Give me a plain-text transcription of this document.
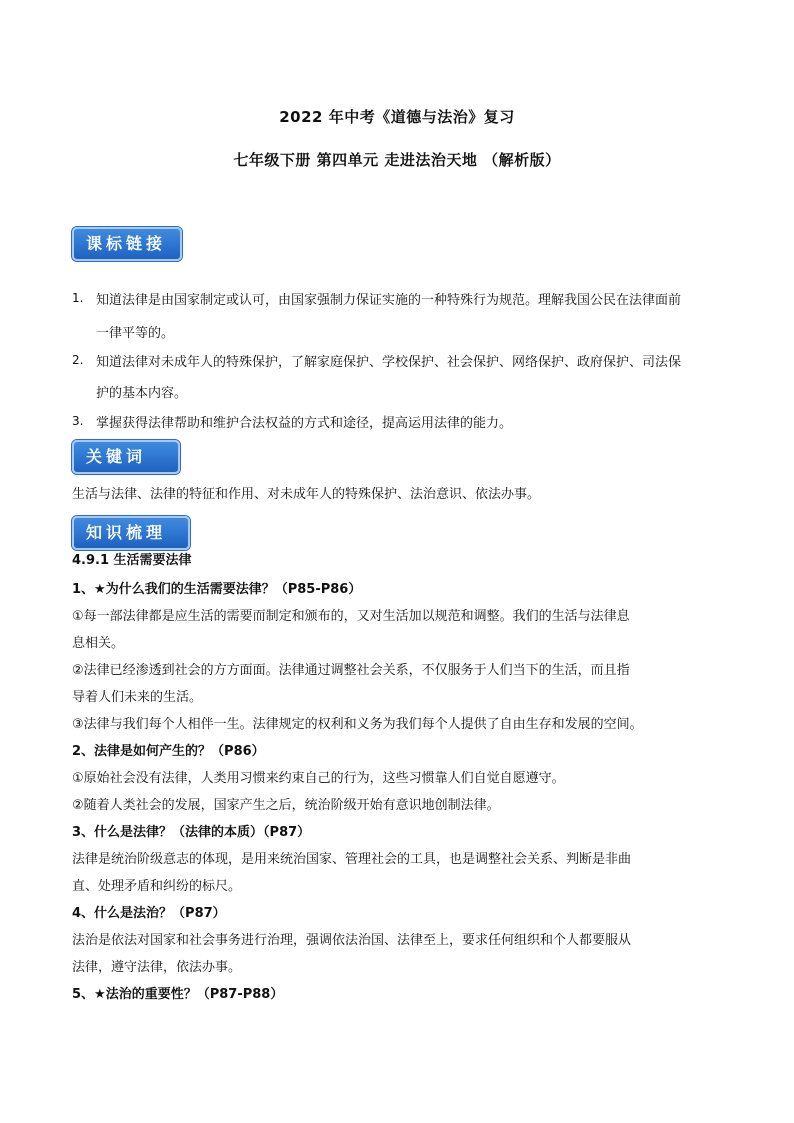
2022 年中考《道德与法治》复习
七年级下册 第四单元 走进法治天地 （解析版）
课标链接
1. 知道法律是由国家制定或认可，由国家强制力保证实施的一种特殊行为规范。理解我国公民在法律面前
一律平等的。
2. 知道法律对未成年人的特殊保护，了解家庭保护、学校保护、社会保护、网络保护、政府保护、司法保
护的基本内容。
3. 掌握获得法律帮助和维护合法权益的方式和途径，提高运用法律的能力。
关键词
生活与法律、法律的特征和作用、对未成年人的特殊保护、法治意识、依法办事。
知识梳理
4.9.1 生活需要法律
1、★为什么我们的生活需要法律？（P85-P86）
①每一部法律都是应生活的需要而制定和颁布的，又对生活加以规范和调整。我们的生活与法律息
息相关。
②法律已经渗透到社会的方方面面。法律通过调整社会关系，不仅服务于人们当下的生活，而且指
导着人们未来的生活。
③法律与我们每个人相伴一生。法律规定的权利和义务为我们每个人提供了自由生存和发展的空间。
2、法律是如何产生的？（P86）
①原始社会没有法律，人类用习惯来约束自己的行为，这些习惯靠人们自觉自愿遵守。
②随着人类社会的发展，国家产生之后，统治阶级开始有意识地创制法律。
3、什么是法律？（法律的本质）（P87）
法律是统治阶级意志的体现，是用来统治国家、管理社会的工具，也是调整社会关系、判断是非曲
直、处理矛盾和纠纷的标尺。
4、什么是法治？（P87）
法治是依法对国家和社会事务进行治理，强调依法治国、法律至上，要求任何组织和个人都要服从
法律，遵守法律，依法办事。
5、★法治的重要性？（P87-P88）
